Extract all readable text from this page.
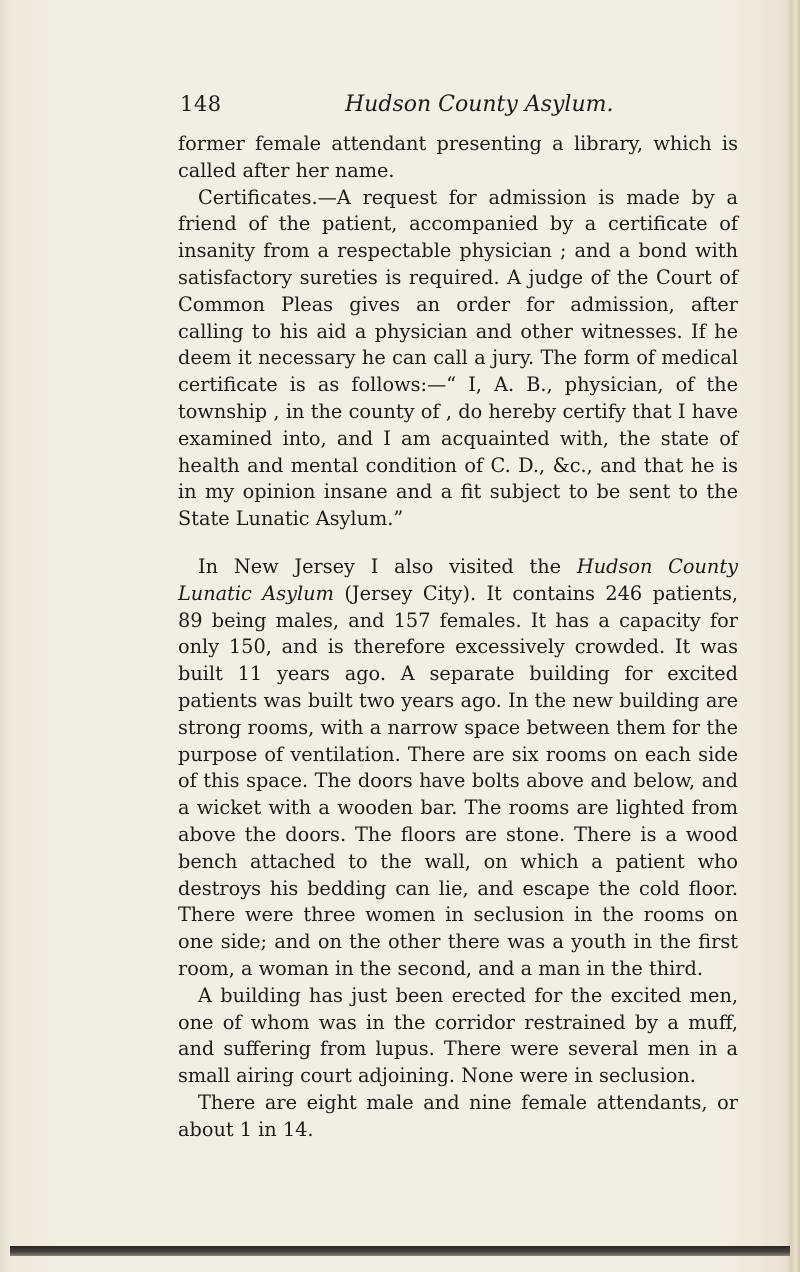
148	Hudson County Asylum.

former female attendant presenting a library, which is called after her name.

Certificates.—A request for admission is made by a friend of the patient, accompanied by a certificate of insanity from a respectable physician ; and a bond with satisfactory sureties is required. A judge of the Court of Common Pleas gives an order for admission, after calling to his aid a physician and other witnesses. If he deem it necessary he can call a jury. The form of medical certificate is as follows:—“ I, A. B., physician, of the township , in the county of , do hereby certify that I have examined into, and I am acquainted with, the state of health and mental condition of C. D., &c., and that he is in my opinion insane and a fit subject to be sent to the State Lunatic Asylum.”

In New Jersey I also visited the Hudson County Lunatic Asylum (Jersey City). It contains 246 patients, 89 being males, and 157 females. It has a capacity for only 150, and is therefore excessively crowded. It was built 11 years ago. A separate building for excited patients was built two years ago. In the new building are strong rooms, with a narrow space between them for the purpose of ventilation. There are six rooms on each side of this space. The doors have bolts above and below, and a wicket with a wooden bar. The rooms are lighted from above the doors. The floors are stone. There is a wood bench attached to the wall, on which a patient who destroys his bedding can lie, and escape the cold floor. There were three women in seclusion in the rooms on one side; and on the other there was a youth in the first room, a woman in the second, and a man in the third.

A building has just been erected for the excited men, one of whom was in the corridor restrained by a muff, and suffering from lupus. There were several men in a small airing court adjoining. None were in seclusion.

There are eight male and nine female attendants, or about 1 in 14.
